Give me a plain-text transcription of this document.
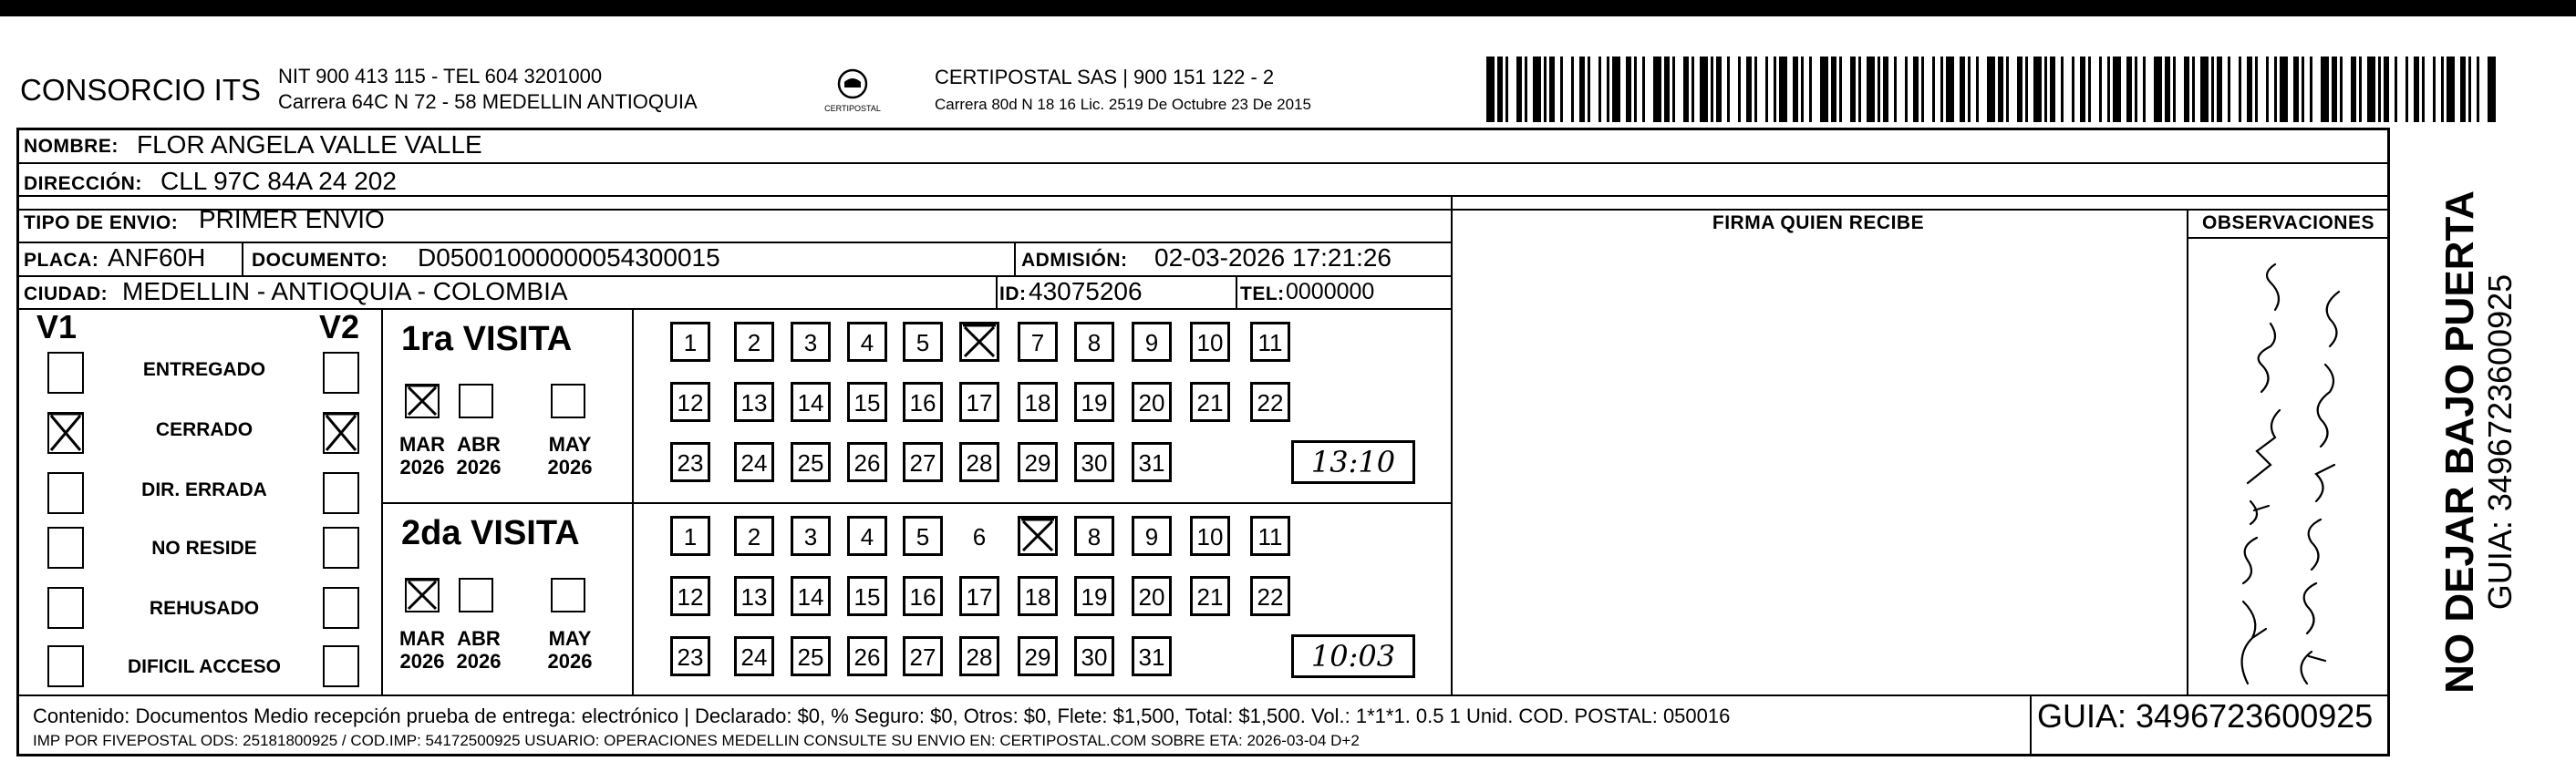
CONSORCIO ITS NIT 900 413 115 - TEL 604 3201000
Carrera 64C N 72 - 58 MEDELLIN ANTIOQUIA	CERTIPOSTAL
CERTIPOSTAL SAS | 900 151 122 - 2
Carrera 80d N 18 16 Lic. 2519 De Octubre 23 De 2015
NOMBRE: FLOR ANGELA VALLE VALLE
DIRECCIÓN: CLL 97C 84A 24 202
TIPO DE ENVIO: PRIMER ENVIO
PLACA: ANF60H DOCUMENTO: D05001000000054300015	ADMISIÓN: 02-03-2026 17:21:26
CIUDAD: MEDELLIN - ANTIOQUIA - COLOMBIA	ID: 43075206	TEL: 0000000
FIRMA QUIEN RECIBE	OBSERVACIONES
V1	V2
ENTREGADO
CERRADO
DIR. ERRADA
NO RESIDE
REHUSADO
DIFICIL ACCESO
1ra VISITA
MAR
2026
ABR
2026
MAY
2026
1	2	3	4	5	7	8	9	10	11
12 13 14 15 16 17 18 19 20 21 22
23 24 25 26 27 28 29 30 31	13:10
2da VISITA
MAR
2026
ABR
2026
MAY
2026
1	2	3	4	5	6	8	9	10	11
12 13 14 15 16 17 18 19 20 21 22
23 24 25 26 27 28 29 30 31	10:03
Contenido: Documentos Medio recepción prueba de entrega: electrónico | Declarado: $0, % Seguro: $0, Otros: $0, Flete: $1,500, Total: $1,500. Vol.: 1*1*1. 0.5 1 Unid. COD. POSTAL: 050016
IMP POR FIVEPOSTAL ODS: 25181800925 / COD.IMP: 54172500925 USUARIO: OPERACIONES MEDELLIN CONSULTE SU ENVIO EN: CERTIPOSTAL.COM SOBRE ETA: 2026-03-04 D+2
GUIA: 3496723600925
NO DEJAR BAJO PUERTA GUIA: 3496723600925
